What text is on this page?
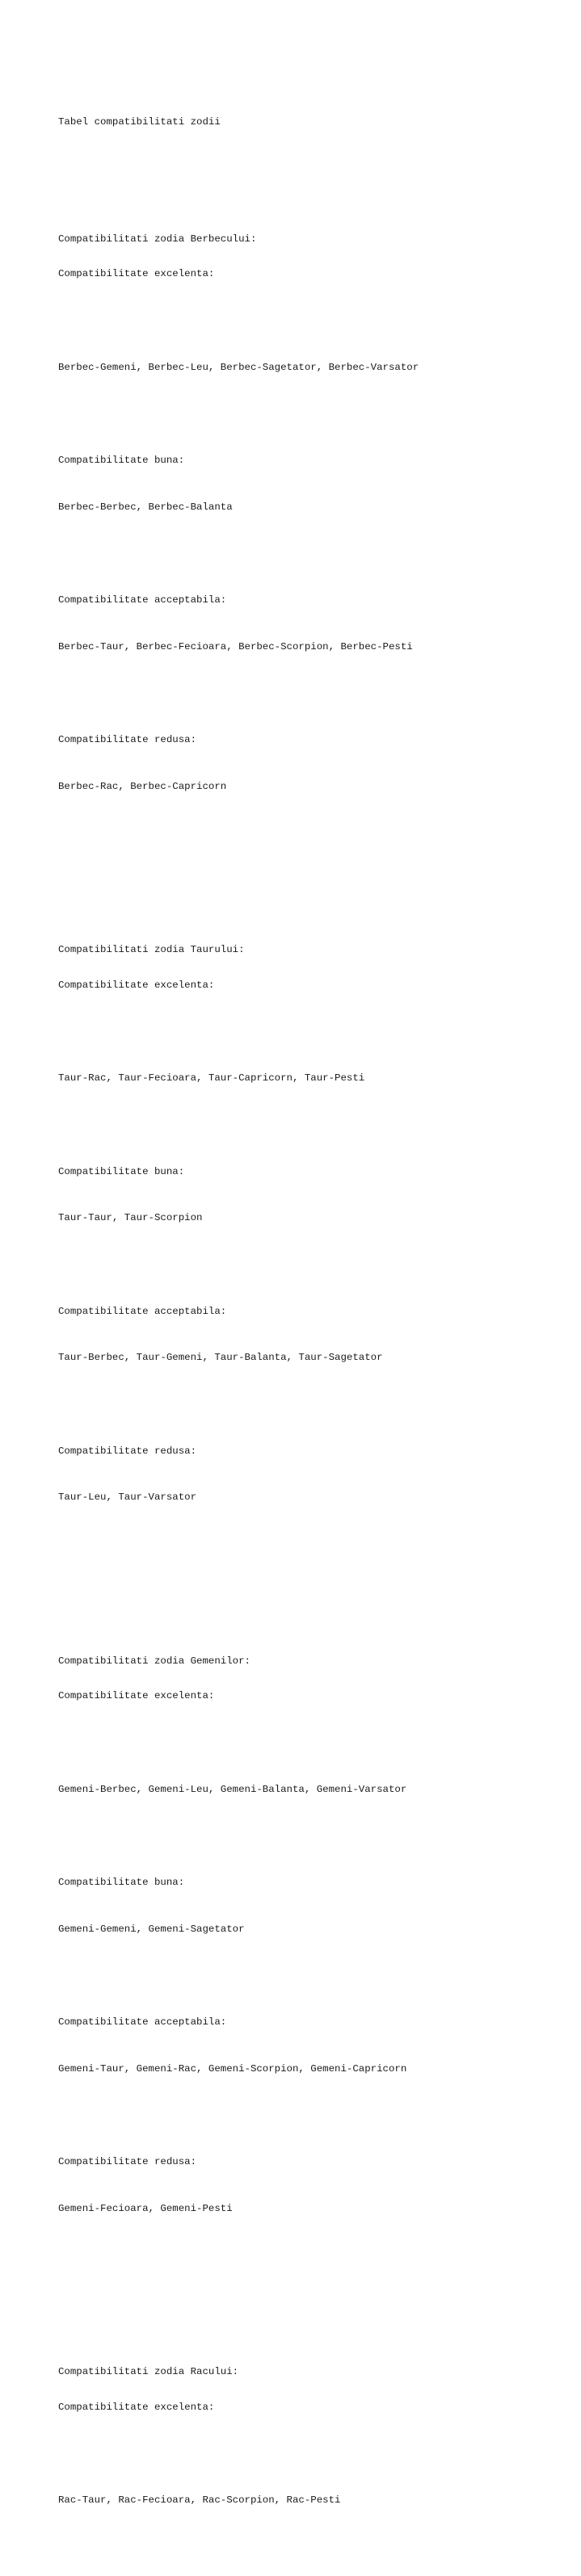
Tabel compatibilitati zodii

Compatibilitati zodia Berbecului:

Compatibilitate excelenta:

Berbec-Gemeni, Berbec-Leu, Berbec-Sagetator, Berbec-Varsator

Compatibilitate buna:

Berbec-Berbec, Berbec-Balanta

Compatibilitate acceptabila:

Berbec-Taur, Berbec-Fecioara, Berbec-Scorpion, Berbec-Pesti

Compatibilitate redusa:

Berbec-Rac, Berbec-Capricorn

Compatibilitati zodia Taurului:

Compatibilitate excelenta:

Taur-Rac, Taur-Fecioara, Taur-Capricorn, Taur-Pesti

Compatibilitate buna:

Taur-Taur, Taur-Scorpion

Compatibilitate acceptabila:

Taur-Berbec, Taur-Gemeni, Taur-Balanta, Taur-Sagetator

Compatibilitate redusa:

Taur-Leu, Taur-Varsator

Compatibilitati zodia Gemenilor:

Compatibilitate excelenta:

Gemeni-Berbec, Gemeni-Leu, Gemeni-Balanta, Gemeni-Varsator

Compatibilitate buna:

Gemeni-Gemeni, Gemeni-Sagetator

Compatibilitate acceptabila:

Gemeni-Taur, Gemeni-Rac, Gemeni-Scorpion, Gemeni-Capricorn

Compatibilitate redusa:

Gemeni-Fecioara, Gemeni-Pesti

Compatibilitati zodia Racului:

Compatibilitate excelenta:

Rac-Taur, Rac-Fecioara, Rac-Scorpion, Rac-Pesti
